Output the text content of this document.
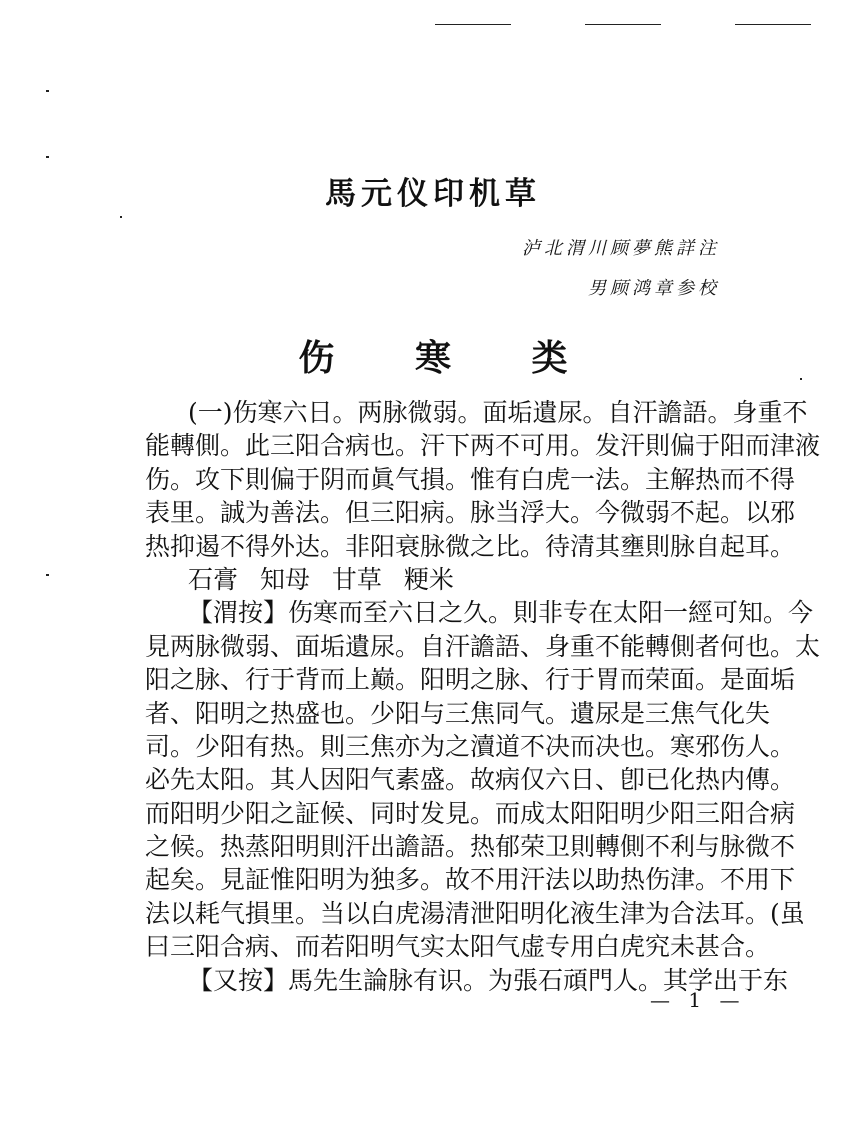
馬元仪印机草
泸北渭川顾夢熊詳注
男顾鸿章参校
伤 寒 类
(一)伤寒六日。两脉微弱。面垢遺尿。自汗譫語。身重不
能轉側。此三阳合病也。汗下两不可用。发汗則偏于阳而津液
伤。攻下則偏于阴而眞气損。惟有白虎一法。主解热而不得
表里。誠为善法。但三阳病。脉当浮大。今微弱不起。以邪
热抑遏不得外达。非阳衰脉微之比。待清其壅則脉自起耳。
石膏 知母 甘草 粳米
【渭按】伤寒而至六日之久。則非专在太阳一經可知。今
見两脉微弱、面垢遺尿。自汗譫語、身重不能轉側者何也。太
阳之脉、行于背而上巅。阳明之脉、行于胃而荣面。是面垢
者、阳明之热盛也。少阳与三焦同气。遺尿是三焦气化失
司。少阳有热。則三焦亦为之瀆道不决而决也。寒邪伤人。
必先太阳。其人因阳气素盛。故病仅六日、卽已化热内傳。
而阳明少阳之証候、同时发見。而成太阳阳明少阳三阳合病
之候。热蒸阳明則汗出譫語。热郁荣卫則轉側不利与脉微不
起矣。見証惟阳明为独多。故不用汗法以助热伤津。不用下
法以耗气損里。当以白虎湯清泄阳明化液生津为合法耳。(虽
曰三阳合病、而若阳明气实太阳气虚专用白虎究未甚合。
【又按】馬先生論脉有识。为張石頑門人。其学出于东
— 1 —
